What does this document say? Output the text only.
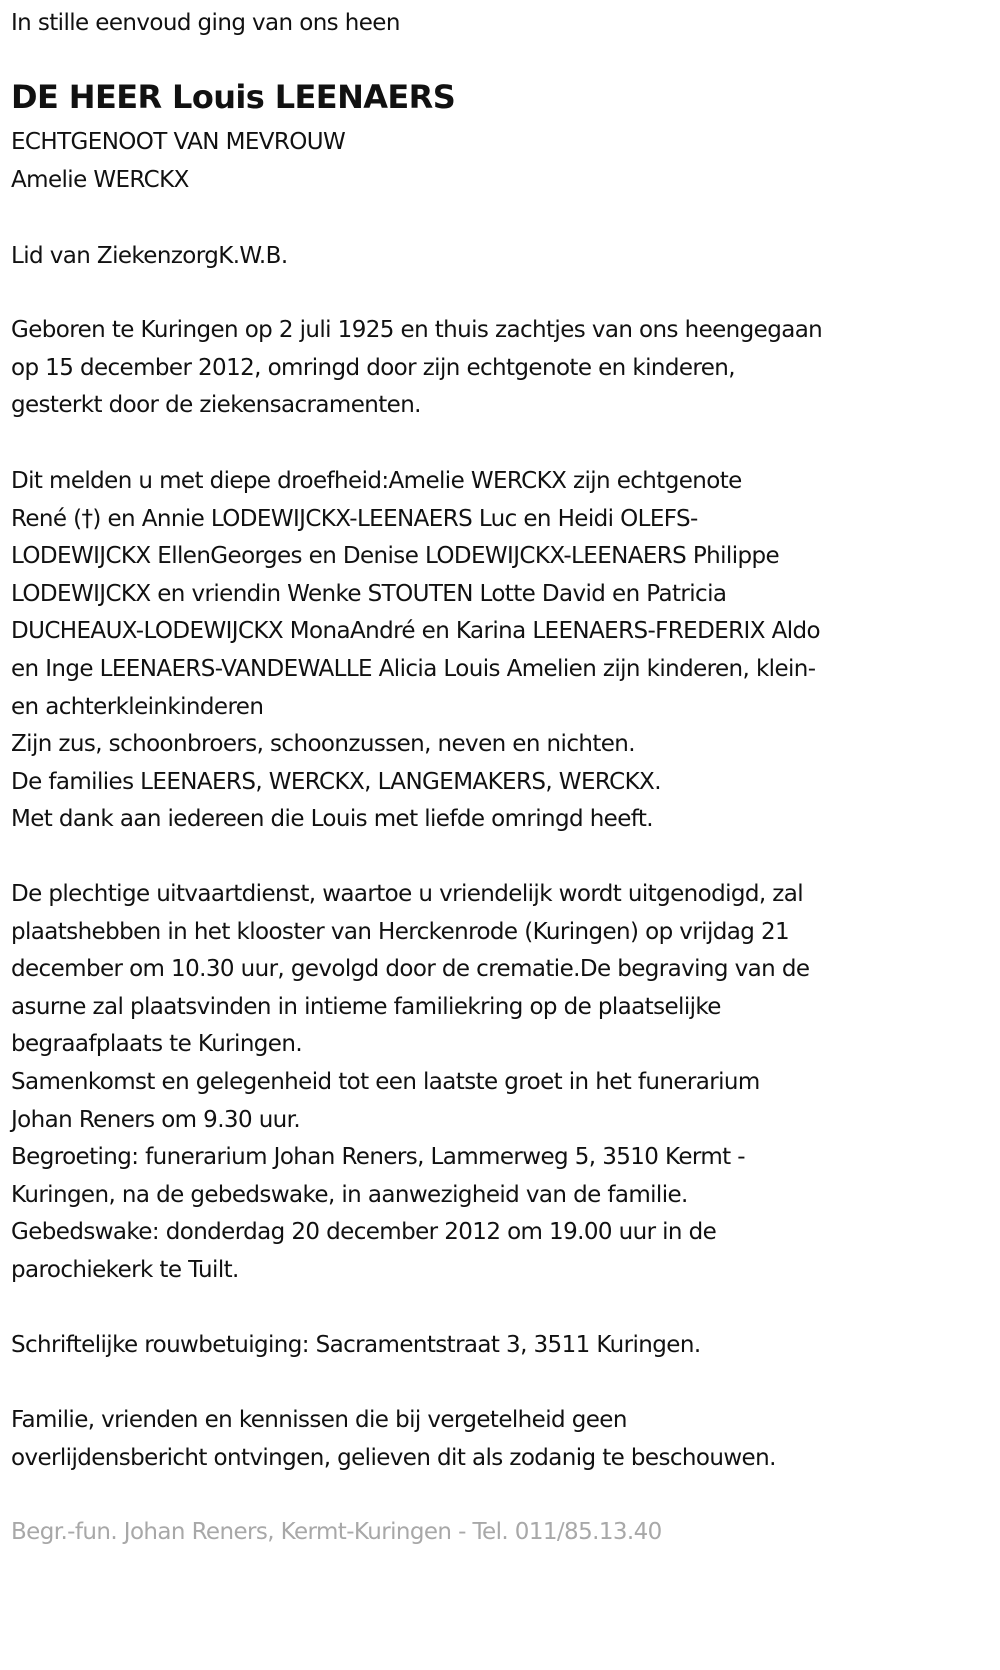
In stille eenvoud ging van ons heen
DE HEER Louis LEENAERS
ECHTGENOOT VAN MEVROUW
Amelie WERCKX
Lid van ZiekenzorgK.W.B.
Geboren te Kuringen op 2 juli 1925 en thuis zachtjes van ons heengegaan
op 15 december 2012, omringd door zijn echtgenote en kinderen,
gesterkt door de ziekensacramenten.
Dit melden u met diepe droefheid:Amelie WERCKX zijn echtgenote
René (†) en Annie LODEWIJCKX-LEENAERS Luc en Heidi OLEFS-
LODEWIJCKX EllenGeorges en Denise LODEWIJCKX-LEENAERS Philippe
LODEWIJCKX en vriendin Wenke STOUTEN Lotte David en Patricia
DUCHEAUX-LODEWIJCKX MonaAndré en Karina LEENAERS-FREDERIX Aldo
en Inge LEENAERS-VANDEWALLE Alicia Louis Amelien zijn kinderen, klein-
en achterkleinkinderen
Zijn zus, schoonbroers, schoonzussen, neven en nichten.
De families LEENAERS, WERCKX, LANGEMAKERS, WERCKX.
Met dank aan iedereen die Louis met liefde omringd heeft.
De plechtige uitvaartdienst, waartoe u vriendelijk wordt uitgenodigd, zal
plaatshebben in het klooster van Herckenrode (Kuringen) op vrijdag 21
december om 10.30 uur, gevolgd door de crematie.De begraving van de
asurne zal plaatsvinden in intieme familiekring op de plaatselijke
begraafplaats te Kuringen.
Samenkomst en gelegenheid tot een laatste groet in het funerarium
Johan Reners om 9.30 uur.
Begroeting: funerarium Johan Reners, Lammerweg 5, 3510 Kermt -
Kuringen, na de gebedswake, in aanwezigheid van de familie.
Gebedswake: donderdag 20 december 2012 om 19.00 uur in de
parochiekerk te Tuilt.
Schriftelijke rouwbetuiging: Sacramentstraat 3, 3511 Kuringen.
Familie, vrienden en kennissen die bij vergetelheid geen
overlijdensbericht ontvingen, gelieven dit als zodanig te beschouwen.
Begr.-fun. Johan Reners, Kermt-Kuringen - Tel. 011/85.13.40
